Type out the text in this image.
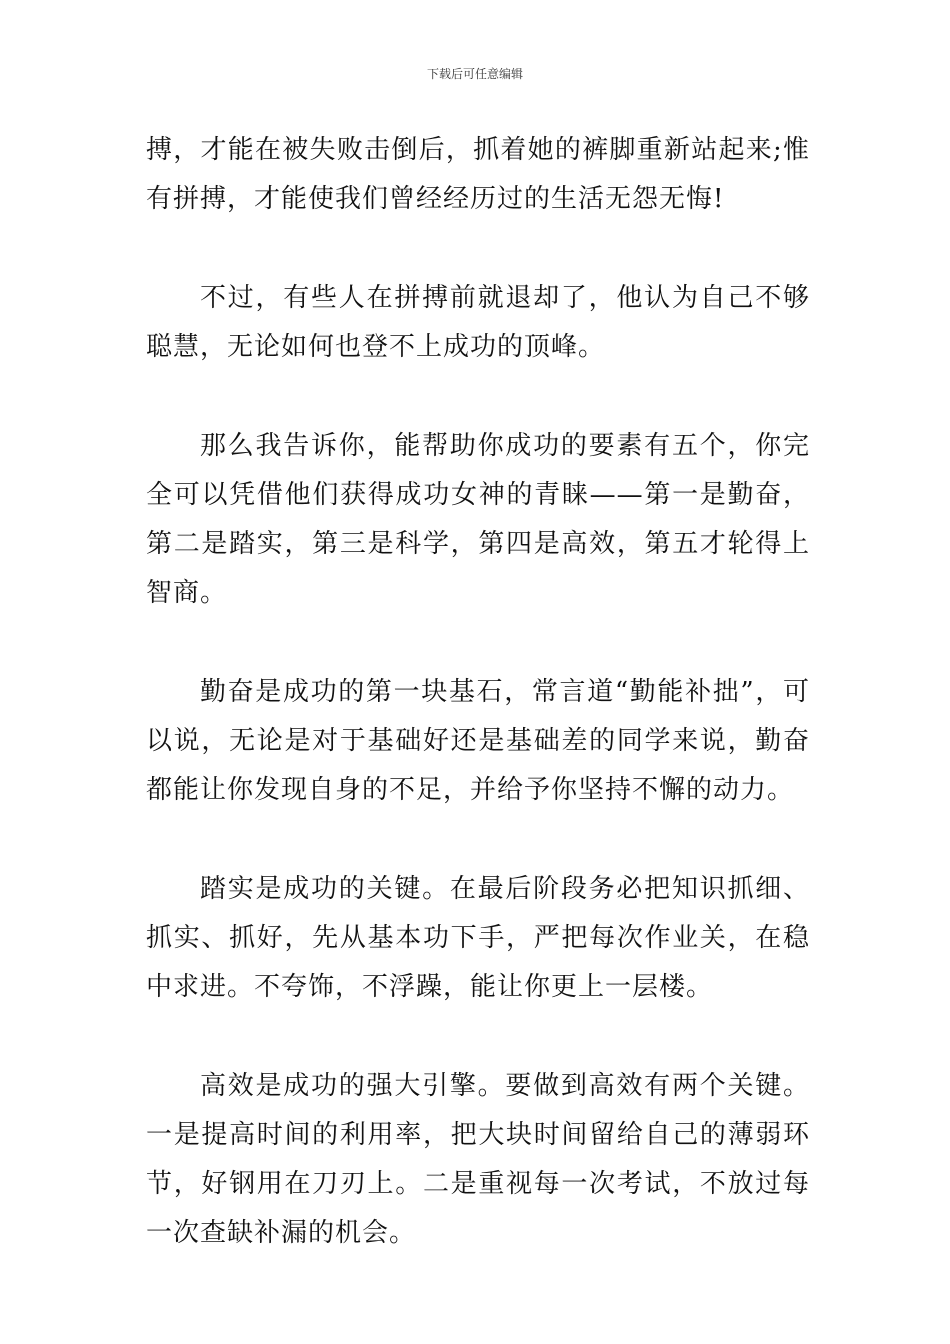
下载后可任意编辑

搏，才能在被失败击倒后，抓着她的裤脚重新站起来;惟有拼搏，才能使我们曾经经历过的生活无怨无悔!

不过，有些人在拼搏前就退却了，他认为自己不够聪慧，无论如何也登不上成功的顶峰。

那么我告诉你，能帮助你成功的要素有五个，你完全可以凭借他们获得成功女神的青睐——第一是勤奋，第二是踏实，第三是科学，第四是高效，第五才轮得上智商。

勤奋是成功的第一块基石，常言道“勤能补拙”，可以说，无论是对于基础好还是基础差的同学来说，勤奋都能让你发现自身的不足，并给予你坚持不懈的动力。

踏实是成功的关键。在最后阶段务必把知识抓细、抓实、抓好，先从基本功下手，严把每次作业关，在稳中求进。不夸饰，不浮躁，能让你更上一层楼。

高效是成功的强大引擎。要做到高效有两个关键。一是提高时间的利用率，把大块时间留给自己的薄弱环节，好钢用在刀刃上。二是重视每一次考试，不放过每一次查缺补漏的机会。
